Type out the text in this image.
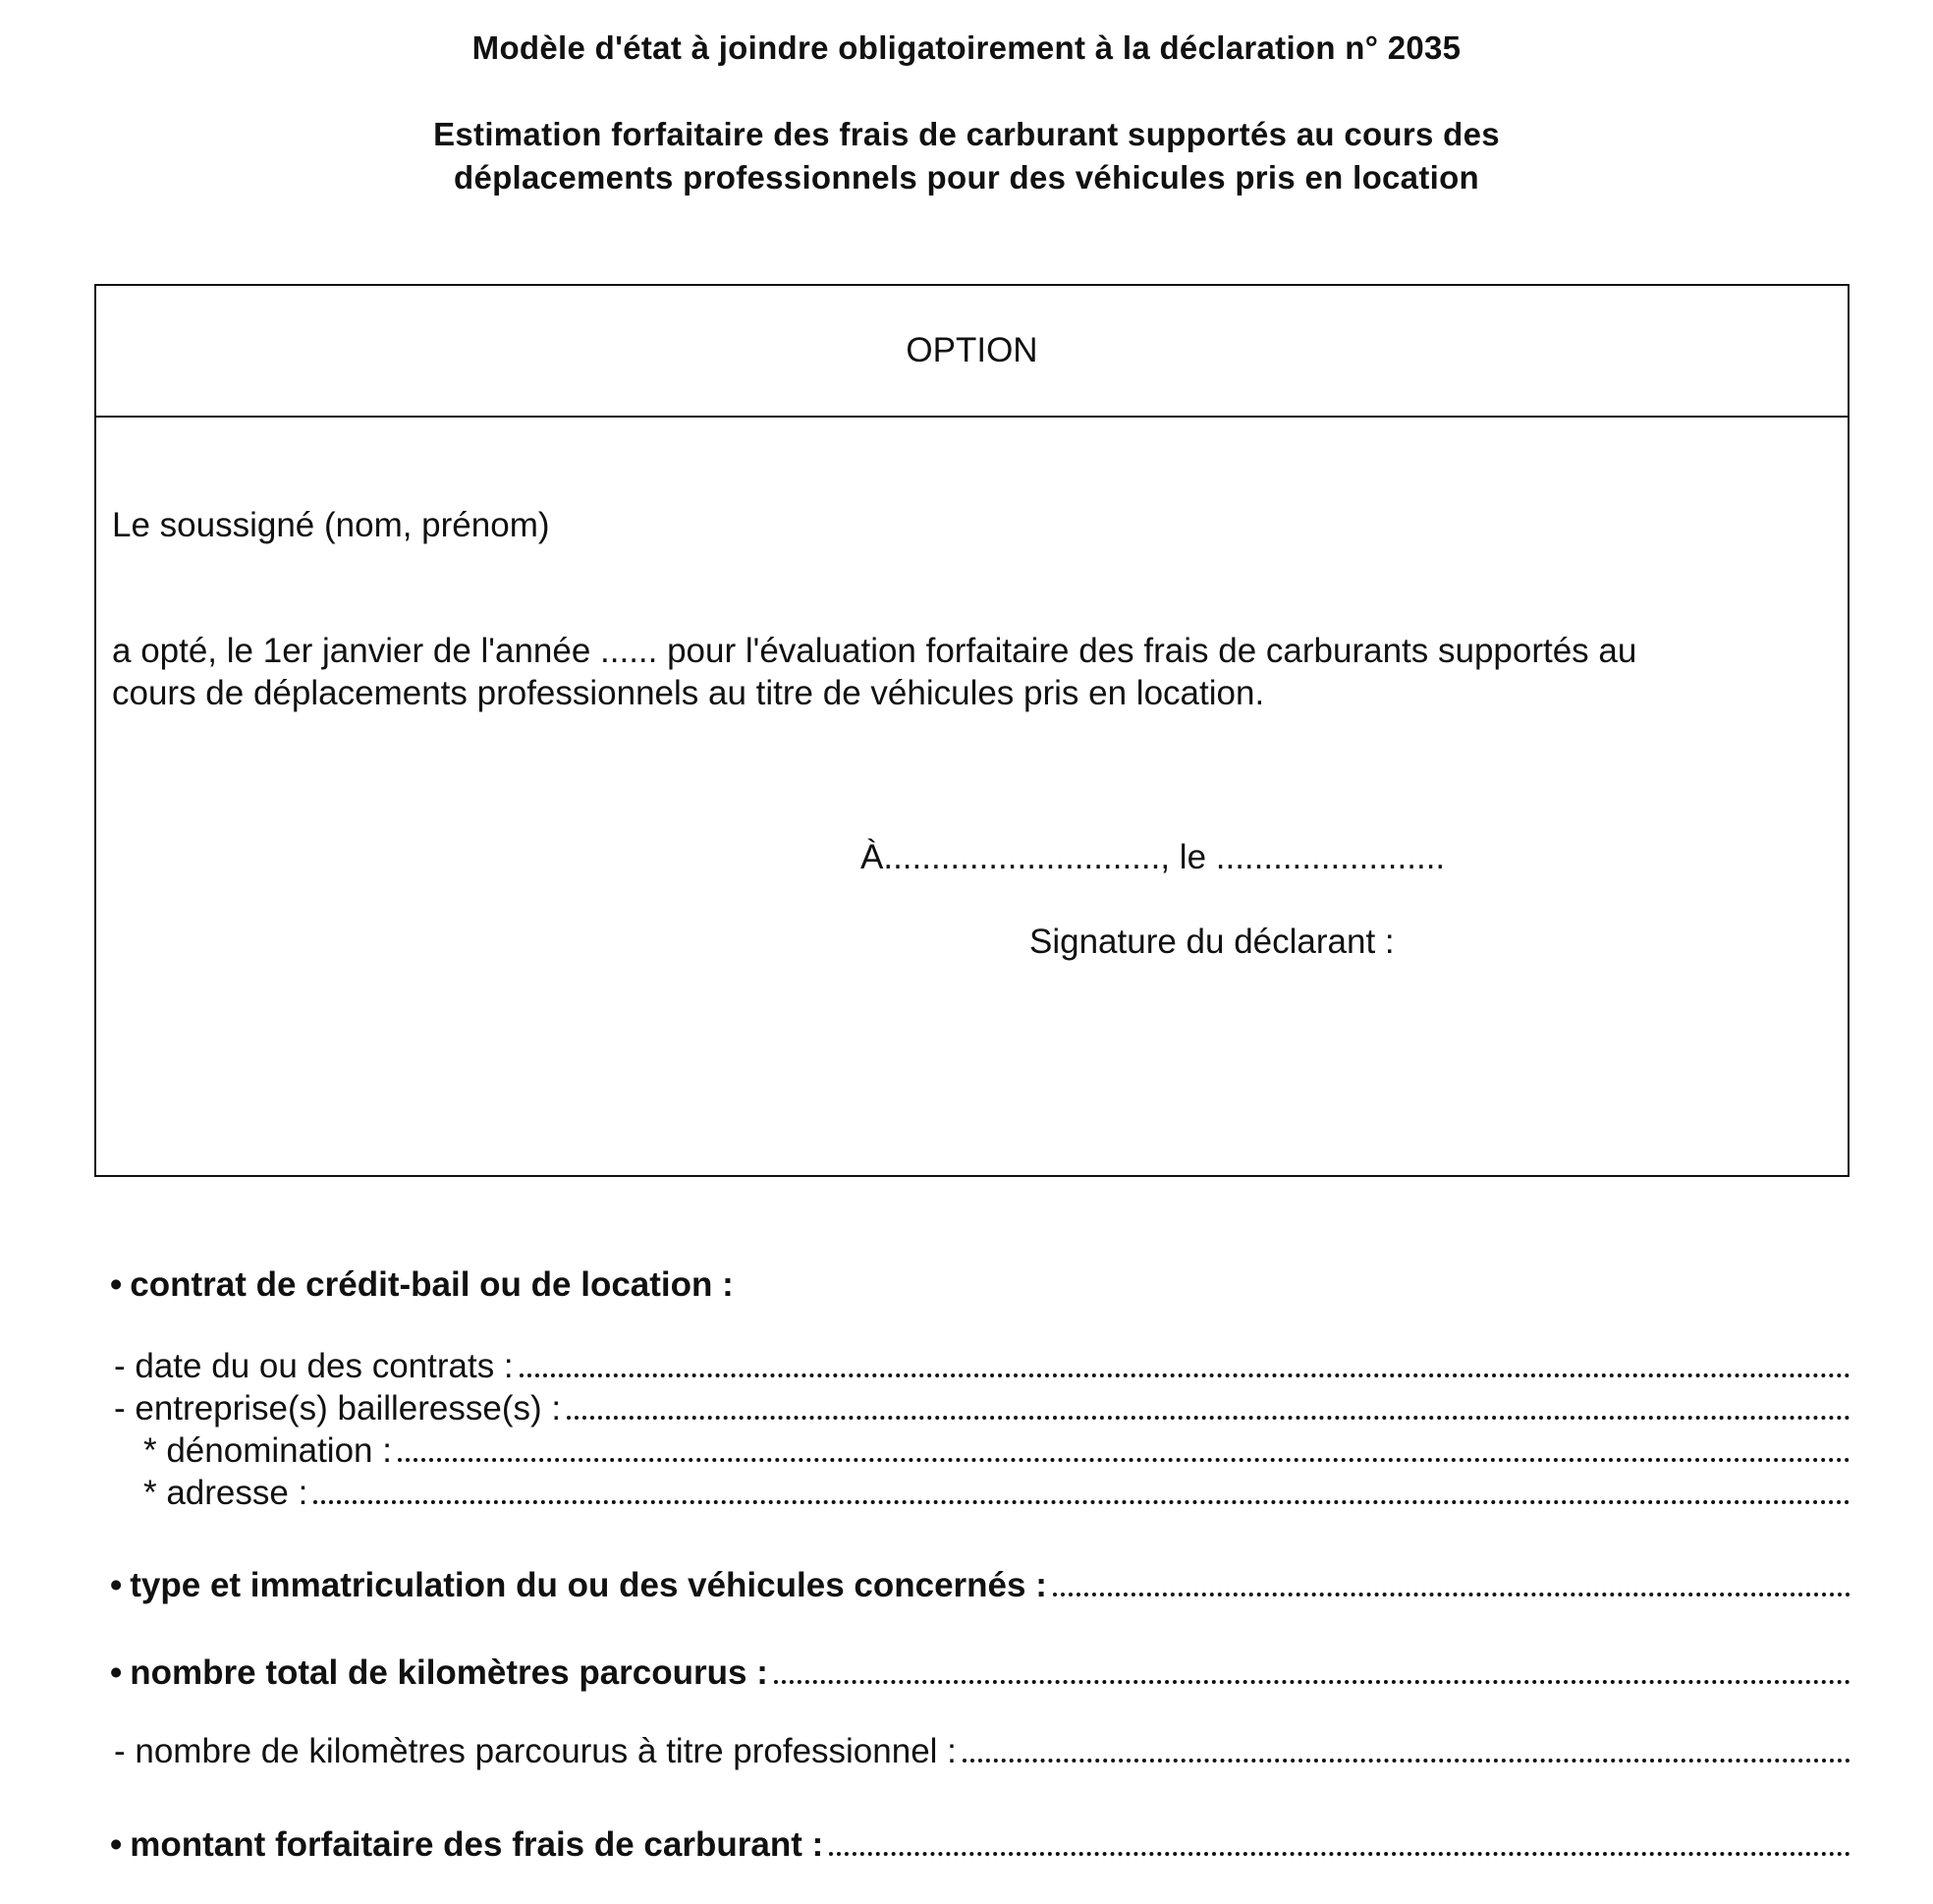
Modèle d'état à joindre obligatoirement à la déclaration n° 2035
Estimation forfaitaire des frais de carburant supportés au cours des
déplacements professionnels pour des véhicules pris en location
OPTION
Le soussigné (nom, prénom)
a opté, le 1er janvier de l'année ...... pour l'évaluation forfaitaire des frais de carburants supportés au
cours de déplacements professionnels au titre de véhicules pris en location.
À............................., le ........................
Signature du déclarant :
• contrat de crédit-bail ou de location :
- date du ou des contrats :
- entreprise(s) bailleresse(s) :
* dénomination :
* adresse :
• type et immatriculation du ou des véhicules concernés :
• nombre total de kilomètres parcourus :
- nombre de kilomètres parcourus à titre professionnel :
• montant forfaitaire des frais de carburant :
